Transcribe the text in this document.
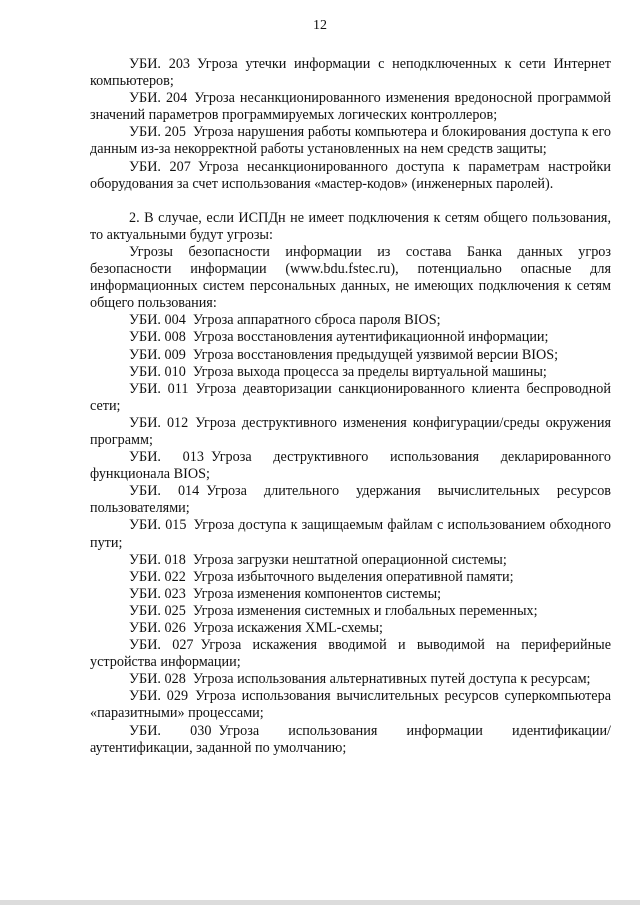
12

УБИ. 203 Угроза утечки информации с неподключенных к сети Интернет компьютеров;

УБИ. 204 Угроза несанкционированного изменения вредоносной программой значений параметров программируемых логических контроллеров;

УБИ. 205 Угроза нарушения работы компьютера и блокирования доступа к его данным из-за некорректной работы установленных на нем средств защиты;

УБИ. 207 Угроза несанкционированного доступа к параметрам настройки оборудования за счет использования «мастер-кодов» (инженерных паролей).

2. В случае, если ИСПДн не имеет подключения к сетям общего пользования, то актуальными будут угрозы:

Угрозы безопасности информации из состава Банка данных угроз безопасности информации (www.bdu.fstec.ru), потенциально опасные для информационных систем персональных данных, не имеющих подключения к сетям общего пользования:

УБИ. 004 Угроза аппаратного сброса пароля BIOS;

УБИ. 008 Угроза восстановления аутентификационной информации;

УБИ. 009 Угроза восстановления предыдущей уязвимой версии BIOS;

УБИ. 010 Угроза выхода процесса за пределы виртуальной машины;

УБИ. 011 Угроза деавторизации санкционированного клиента беспроводной сети;

УБИ. 012 Угроза деструктивного изменения конфигурации/среды окружения программ;

УБИ. 013 Угроза деструктивного использования декларированного функционала BIOS;

УБИ. 014 Угроза длительного удержания вычислительных ресурсов пользователями;

УБИ. 015 Угроза доступа к защищаемым файлам с использованием обходного пути;

УБИ. 018 Угроза загрузки нештатной операционной системы;

УБИ. 022 Угроза избыточного выделения оперативной памяти;

УБИ. 023 Угроза изменения компонентов системы;

УБИ. 025 Угроза изменения системных и глобальных переменных;

УБИ. 026 Угроза искажения XML-схемы;

УБИ. 027 Угроза искажения вводимой и выводимой на периферийные устройства информации;

УБИ. 028 Угроза использования альтернативных путей доступа к ресурсам;

УБИ. 029 Угроза использования вычислительных ресурсов суперкомпьютера «паразитными» процессами;

УБИ. 030 Угроза использования информации идентификации/аутентификации, заданной по умолчанию;
